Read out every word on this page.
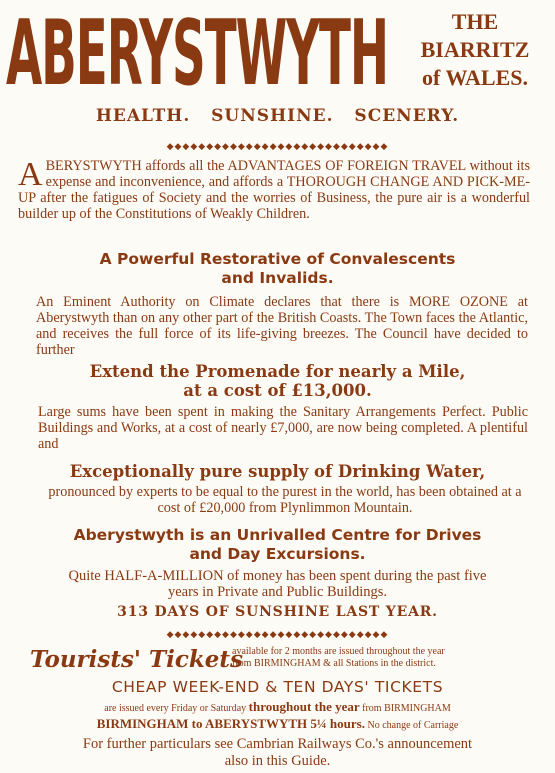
ABERYSTWYTH	THE
BIARRITZ
of WALES.
HEALTH. SUNSHINE. SCENERY.
◆◆◆◆◆◆◆◆◆◆◆◆◆◆◆◆◆◆◆◆◆◆◆◆◆◆◆◆
ABERYSTWYTH affords all the ADVANTAGES OF FOREIGN TRAVEL without its expense and inconvenience, and affords a THOROUGH CHANGE AND PICK-ME-UP after the fatigues of Society and the worries of Business, the pure air is a wonderful builder up of the Constitutions of Weakly Children.
A Powerful Restorative of Convalescents
and Invalids.
An Eminent Authority on Climate declares that there is MORE OZONE at Aberystwyth than on any other part of the British Coasts. The Town faces the Atlantic, and receives the full force of its life-giving breezes. The Council have decided to further
Extend the Promenade for nearly a Mile,
at a cost of £13,000.
Large sums have been spent in making the Sanitary Arrangements Perfect. Public Buildings and Works, at a cost of nearly £7,000, are now being completed. A plentiful and
Exceptionally pure supply of Drinking Water,
pronounced by experts to be equal to the purest in the world, has been obtained at a cost of £20,000 from Plynlimmon Mountain.
Aberystwyth is an Unrivalled Centre for Drives
and Day Excursions.
Quite HALF-A-MILLION of money has been spent during the past five
years in Private and Public Buildings.
313 DAYS OF SUNSHINE LAST YEAR.
◆◆◆◆◆◆◆◆◆◆◆◆◆◆◆◆◆◆◆◆◆◆◆◆◆◆◆◆
Tourists' Tickets
available for 2 months are issued throughout the year
from BIRMINGHAM & all Stations in the district.
CHEAP WEEK-END & TEN DAYS' TICKETS
are issued every Friday or Saturday throughout the year from BIRMINGHAM
BIRMINGHAM to ABERYSTWYTH 5¼ hours. No change of Carriage
For further particulars see Cambrian Railways Co.'s announcement
also in this Guide.
